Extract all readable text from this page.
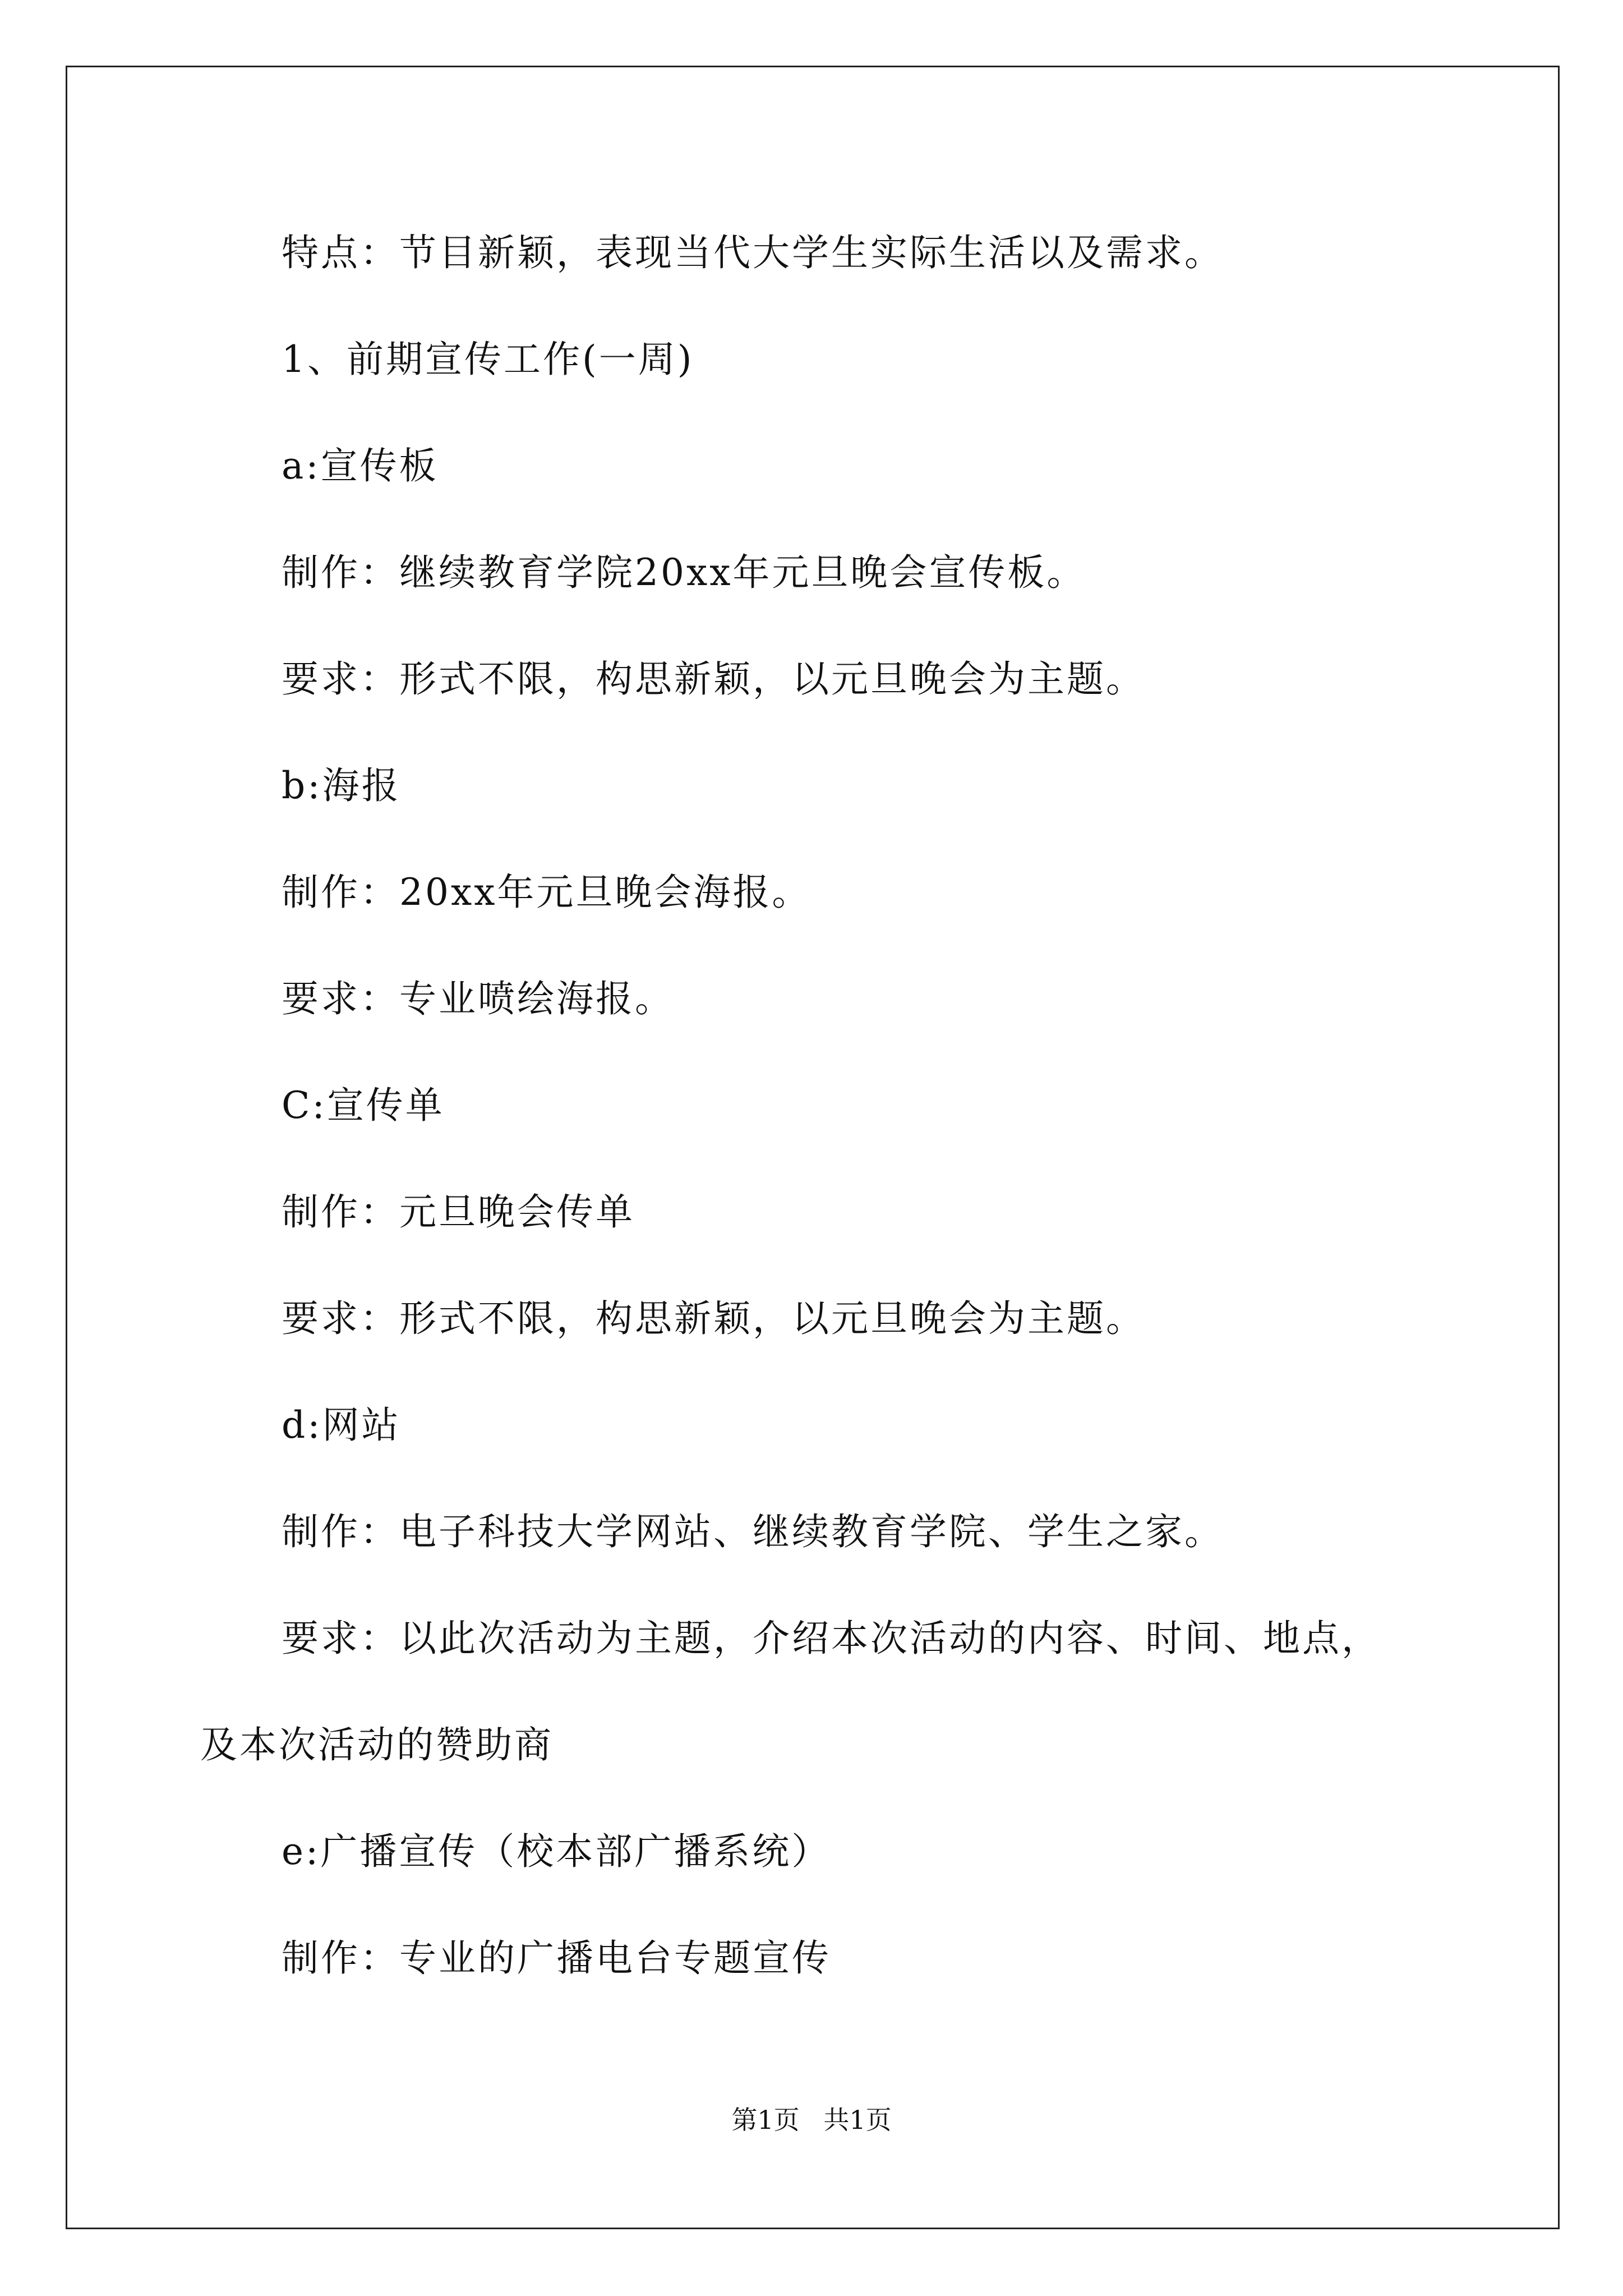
特点：节目新颖，表现当代大学生实际生活以及需求。
1、前期宣传工作(一周)
a:宣传板
制作：继续教育学院20xx年元旦晚会宣传板。
要求：形式不限，构思新颖，以元旦晚会为主题。
b:海报
制作：20xx年元旦晚会海报。
要求：专业喷绘海报。
C:宣传单
制作：元旦晚会传单
要求：形式不限，构思新颖，以元旦晚会为主题。
d:网站
制作：电子科技大学网站、继续教育学院、学生之家。
要求：以此次活动为主题，介绍本次活动的内容、时间、地点，
及本次活动的赞助商
e:广播宣传（校本部广播系统）
制作：专业的广播电台专题宣传
第1页 共1页
